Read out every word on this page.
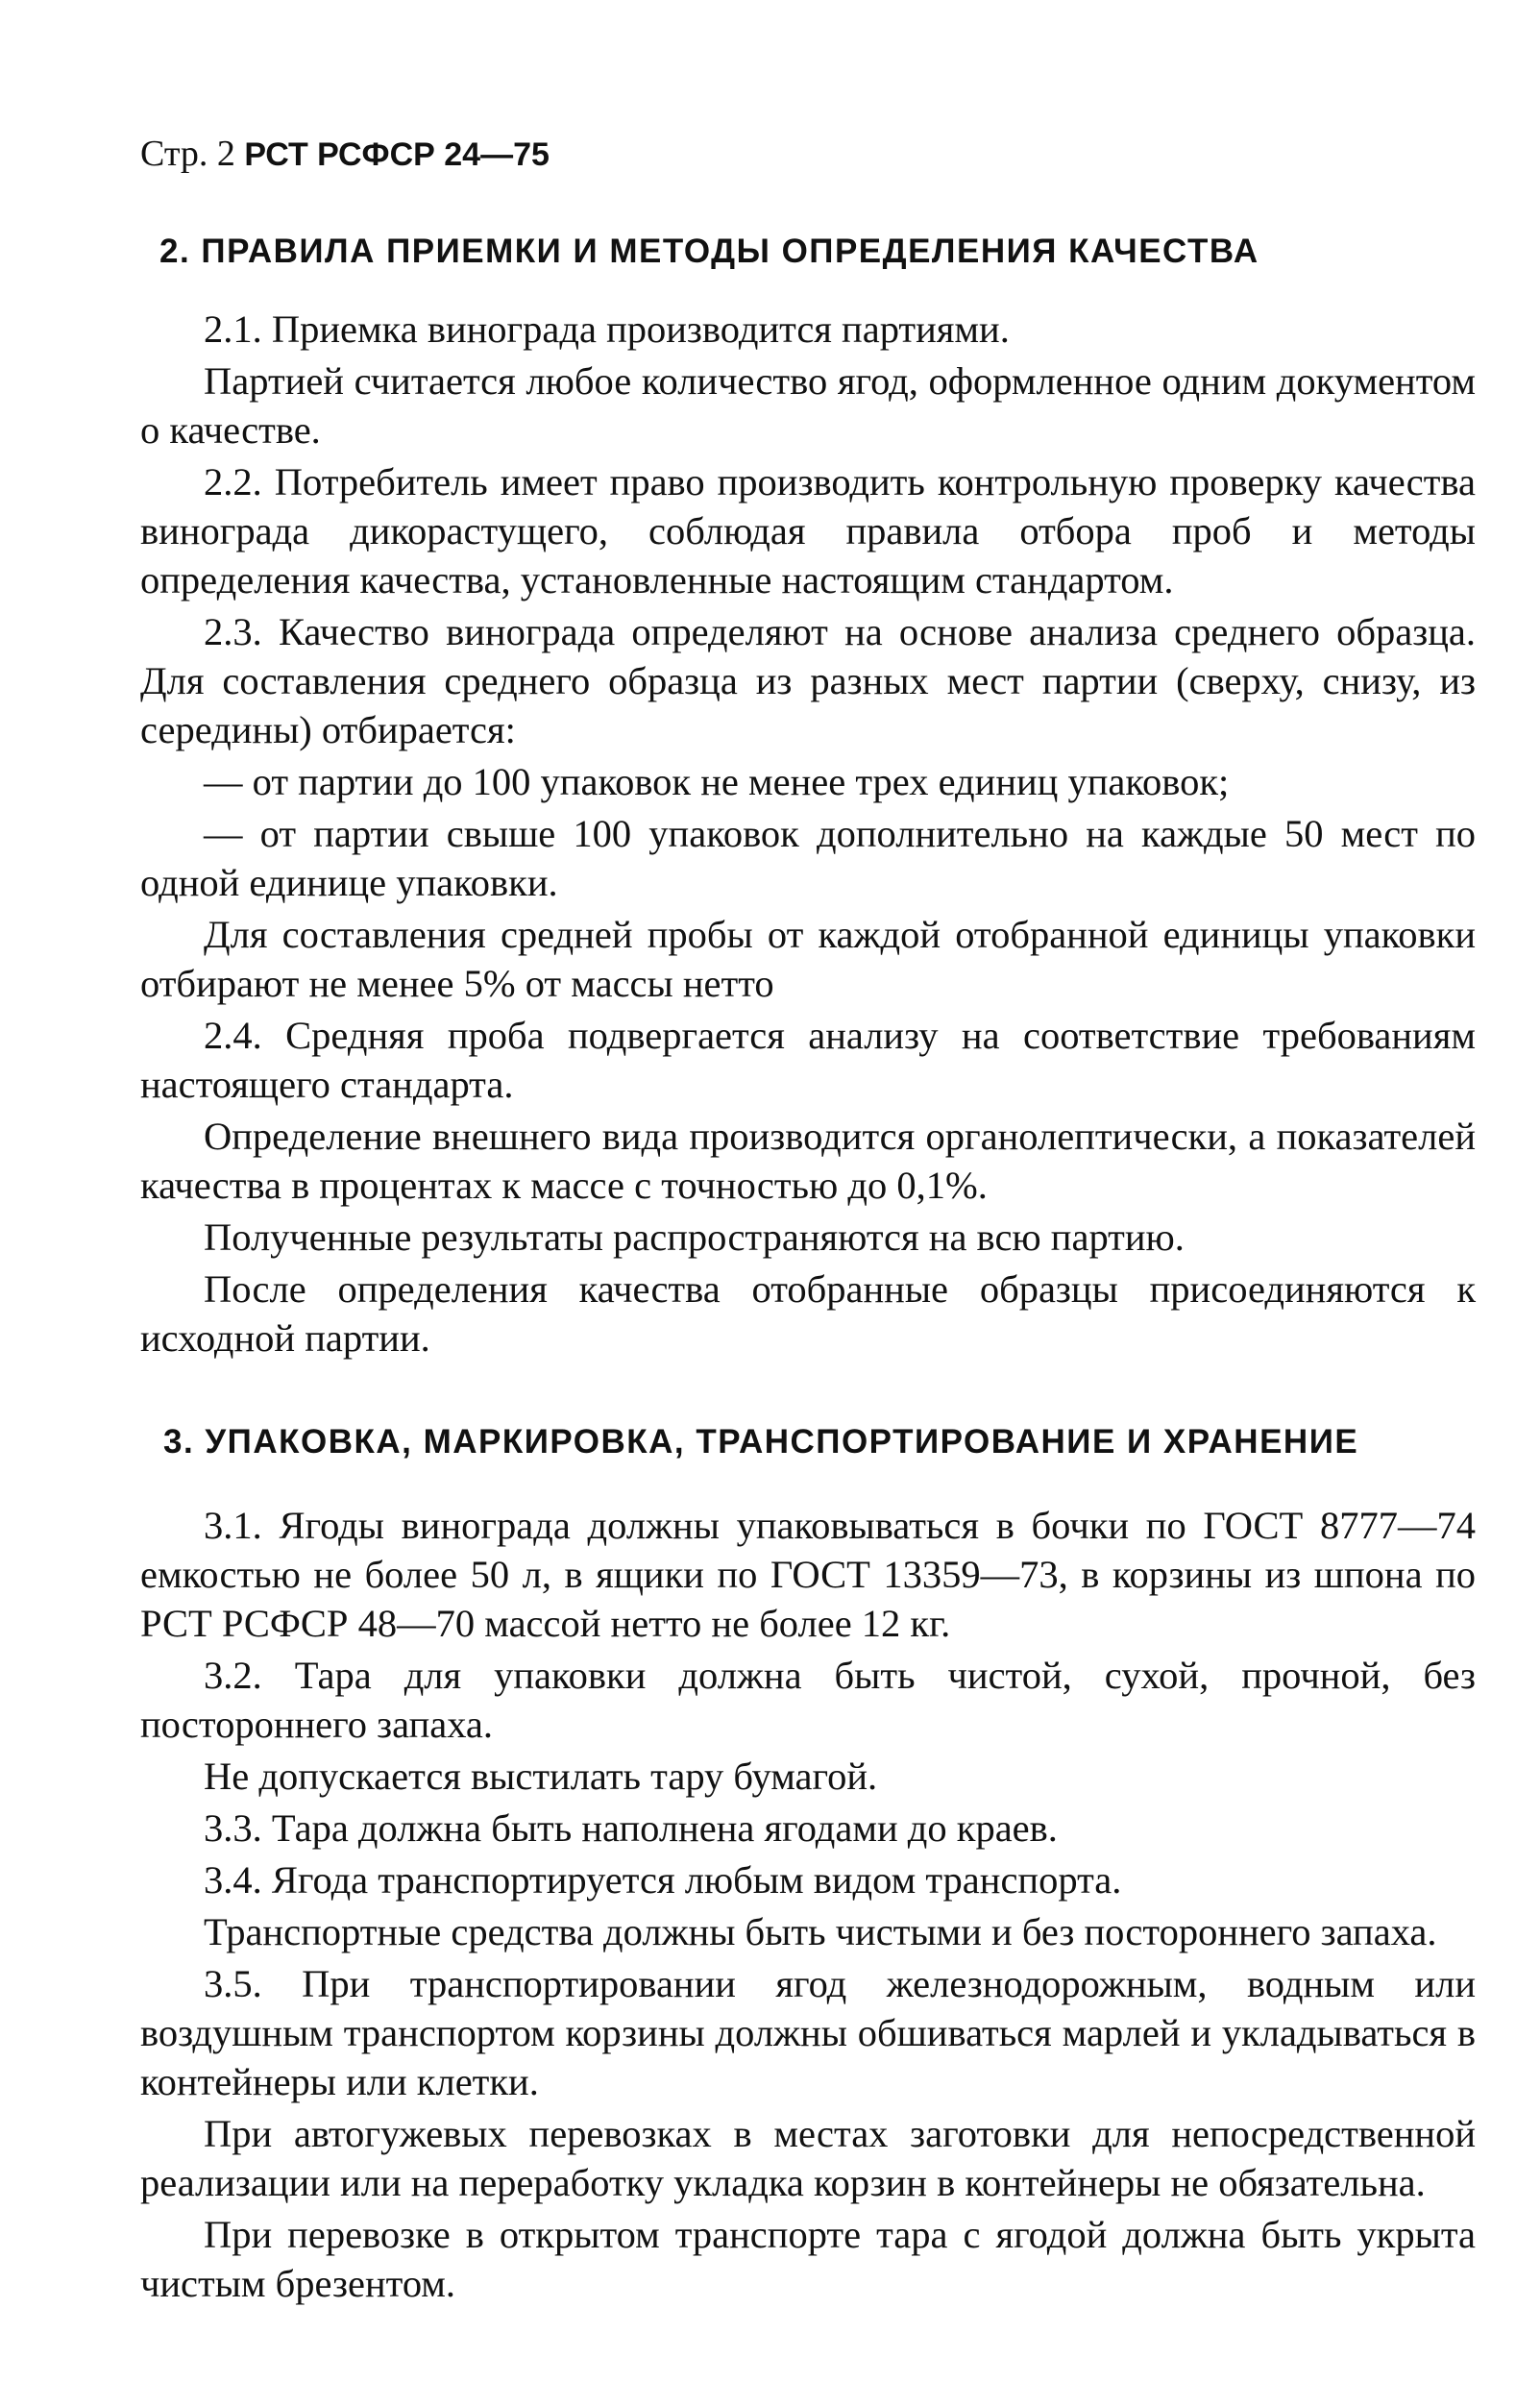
Стр. 2 РСТ РСФСР 24—75
2. ПРАВИЛА ПРИЕМКИ И МЕТОДЫ ОПРЕДЕЛЕНИЯ КАЧЕСТВА

2.1. Приемка винограда производится партиями.

Партией считается любое количество ягод, оформленное одним документом о качестве.

2.2. Потребитель имеет право производить контрольную проверку качества винограда дикорастущего, соблюдая правила отбора проб и методы определения качества, установленные настоящим стандартом.

2.3. Качество винограда определяют на основе анализа среднего образца. Для составления среднего образца из разных мест партии (сверху, снизу, из середины) отбирается:

— от партии до 100 упаковок не менее трех единиц упаковок;

— от партии свыше 100 упаковок дополнительно на каждые 50 мест по одной единице упаковки.

Для составления средней пробы от каждой отобранной единицы упаковки отбирают не менее 5% от массы нетто

2.4. Средняя проба подвергается анализу на соответствие требованиям настоящего стандарта.

Определение внешнего вида производится органолептически, а показателей качества в процентах к массе с точностью до 0,1%.

Полученные результаты распространяются на всю партию.

После определения качества отобранные образцы присоединяются к исходной партии.

3. УПАКОВКА, МАРКИРОВКА, ТРАНСПОРТИРОВАНИЕ И ХРАНЕНИЕ

3.1. Ягоды винограда должны упаковываться в бочки по ГОСТ 8777—74 емкостью не более 50 л, в ящики по ГОСТ 13359—73, в корзины из шпона по РСТ РСФСР 48—70 массой нетто не более 12 кг.

3.2. Тара для упаковки должна быть чистой, сухой, прочной, без постороннего запаха.

Не допускается выстилать тару бумагой.

3.3. Тара должна быть наполнена ягодами до краев.

3.4. Ягода транспортируется любым видом транспорта.

Транспортные средства должны быть чистыми и без постороннего запаха.

3.5. При транспортировании ягод железнодорожным, водным или воздушным транспортом корзины должны обшиваться марлей и укладываться в контейнеры или клетки.

При автогужевых перевозках в местах заготовки для непосредственной реализации или на переработку укладка корзин в контейнеры не обязательна.

При перевозке в открытом транспорте тара с ягодой должна быть укрыта чистым брезентом.
